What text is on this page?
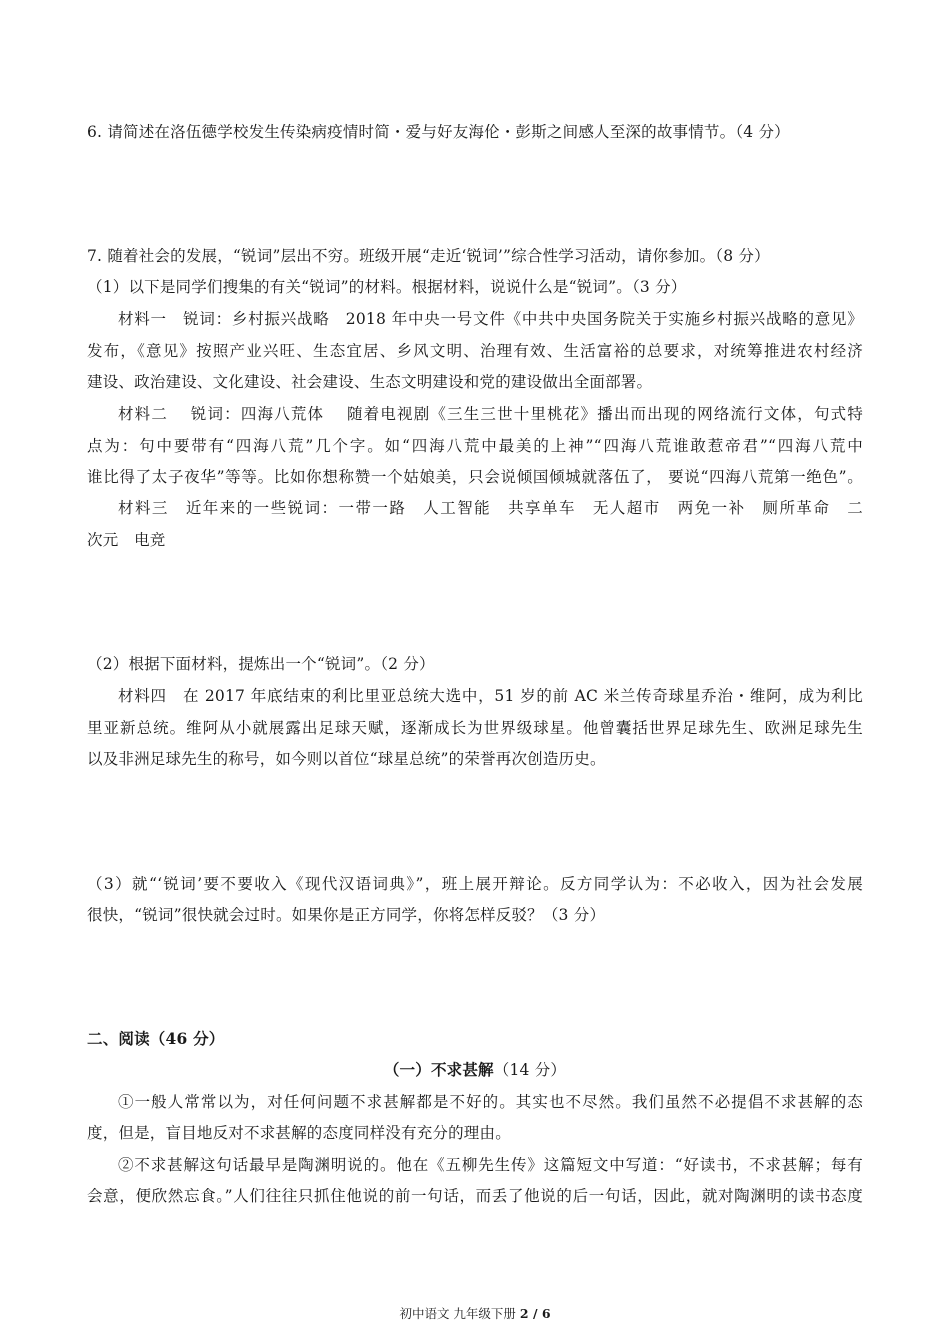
6. 请简述在洛伍德学校发生传染病疫情时简・爱与好友海伦・彭斯之间感人至深的故事情节。（4 分）
7. 随着社会的发展，“锐词”层出不穷。班级开展“走近‘锐词’”综合性学习活动，请你参加。（8 分）
（1）以下是同学们搜集的有关“锐词”的材料。根据材料，说说什么是“锐词”。（3 分）
材料一　锐词：乡村振兴战略　2018 年中央一号文件《中共中央国务院关于实施乡村振兴战略的意见》
发布，《意见》按照产业兴旺、生态宜居、乡风文明、治理有效、生活富裕的总要求，对统筹推进农村经济
建设、政治建设、文化建设、社会建设、生态文明建设和党的建设做出全面部署。
材料二　 锐词：四海八荒体　 随着电视剧《三生三世十里桃花》播出而出现的网络流行文体，句式特
点为：句中要带有“四海八荒”几个字。如“四海八荒中最美的上神”“四海八荒谁敢惹帝君”“四海八荒中
谁比得了太子夜华”等等。比如你想称赞一个姑娘美，只会说倾国倾城就落伍了， 要说“四海八荒第一绝色”。
材料三　近年来的一些锐词：一带一路　人工智能　共享单车　无人超市　两免一补　厕所革命　二
次元　电竞
（2）根据下面材料，提炼出一个“锐词”。（2 分）
材料四　在 2017 年底结束的利比里亚总统大选中，51 岁的前 AC 米兰传奇球星乔治・维阿，成为利比
里亚新总统。维阿从小就展露出足球天赋，逐渐成长为世界级球星。他曾囊括世界足球先生、欧洲足球先生
以及非洲足球先生的称号，如今则以首位“球星总统”的荣誉再次创造历史。
（3）就“‘锐词’要不要收入《现代汉语词典》”，班上展开辩论。反方同学认为：不必收入，因为社会发展
很快，“锐词”很快就会过时。如果你是正方同学，你将怎样反驳？（3 分）
二、阅读（46 分）
（一）不求甚解（14 分）
①一般人常常以为，对任何问题不求甚解都是不好的。其实也不尽然。我们虽然不必提倡不求甚解的态
度，但是，盲目地反对不求甚解的态度同样没有充分的理由。
②不求甚解这句话最早是陶渊明说的。他在《五柳先生传》这篇短文中写道：“好读书，不求甚解；每有
会意，便欣然忘食。”人们往往只抓住他说的前一句话，而丢了他说的后一句话，因此，就对陶渊明的读书态度
初中语文 九年级下册 2 / 6
